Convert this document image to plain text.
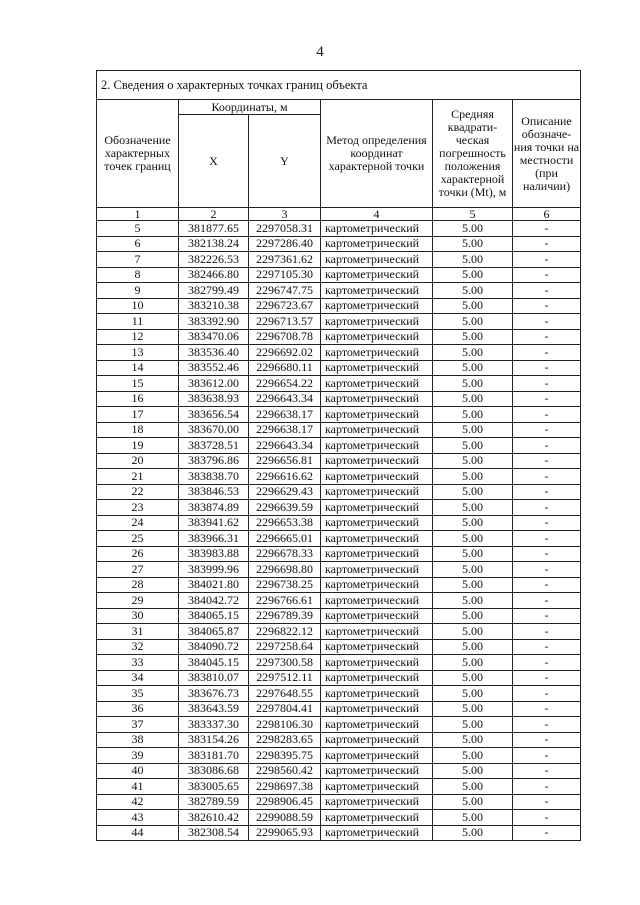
4
2. Сведения о характерных точках границ объекта					
Обозначение характерных точек границ	Координаты, м		Метод определения координат характерной точки	Средняя квадрати-ческая погрешность положения характерной точки (Mt), м	Описание обозначе-ния точки на местности (при наличии)
	X	Y			
1	2	3	4	5	6
5	381877.65	2297058.31	картометрический	5.00	-
6	382138.24	2297286.40	картометрический	5.00	-
7	382226.53	2297361.62	картометрический	5.00	-
8	382466.80	2297105.30	картометрический	5.00	-
9	382799.49	2296747.75	картометрический	5.00	-
10	383210.38	2296723.67	картометрический	5.00	-
11	383392.90	2296713.57	картометрический	5.00	-
12	383470.06	2296708.78	картометрический	5.00	-
13	383536.40	2296692.02	картометрический	5.00	-
14	383552.46	2296680.11	картометрический	5.00	-
15	383612.00	2296654.22	картометрический	5.00	-
16	383638.93	2296643.34	картометрический	5.00	-
17	383656.54	2296638.17	картометрический	5.00	-
18	383670.00	2296638.17	картометрический	5.00	-
19	383728.51	2296643.34	картометрический	5.00	-
20	383796.86	2296656.81	картометрический	5.00	-
21	383838.70	2296616.62	картометрический	5.00	-
22	383846.53	2296629.43	картометрический	5.00	-
23	383874.89	2296639.59	картометрический	5.00	-
24	383941.62	2296653.38	картометрический	5.00	-
25	383966.31	2296665.01	картометрический	5.00	-
26	383983.88	2296678.33	картометрический	5.00	-
27	383999.96	2296698.80	картометрический	5.00	-
28	384021.80	2296738.25	картометрический	5.00	-
29	384042.72	2296766.61	картометрический	5.00	-
30	384065.15	2296789.39	картометрический	5.00	-
31	384065.87	2296822.12	картометрический	5.00	-
32	384090.72	2297258.64	картометрический	5.00	-
33	384045.15	2297300.58	картометрический	5.00	-
34	383810.07	2297512.11	картометрический	5.00	-
35	383676.73	2297648.55	картометрический	5.00	-
36	383643.59	2297804.41	картометрический	5.00	-
37	383337.30	2298106.30	картометрический	5.00	-
38	383154.26	2298283.65	картометрический	5.00	-
39	383181.70	2298395.75	картометрический	5.00	-
40	383086.68	2298560.42	картометрический	5.00	-
41	383005.65	2298697.38	картометрический	5.00	-
42	382789.59	2298906.45	картометрический	5.00	-
43	382610.42	2299088.59	картометрический	5.00	-
44	382308.54	2299065.93	картометрический	5.00	-
